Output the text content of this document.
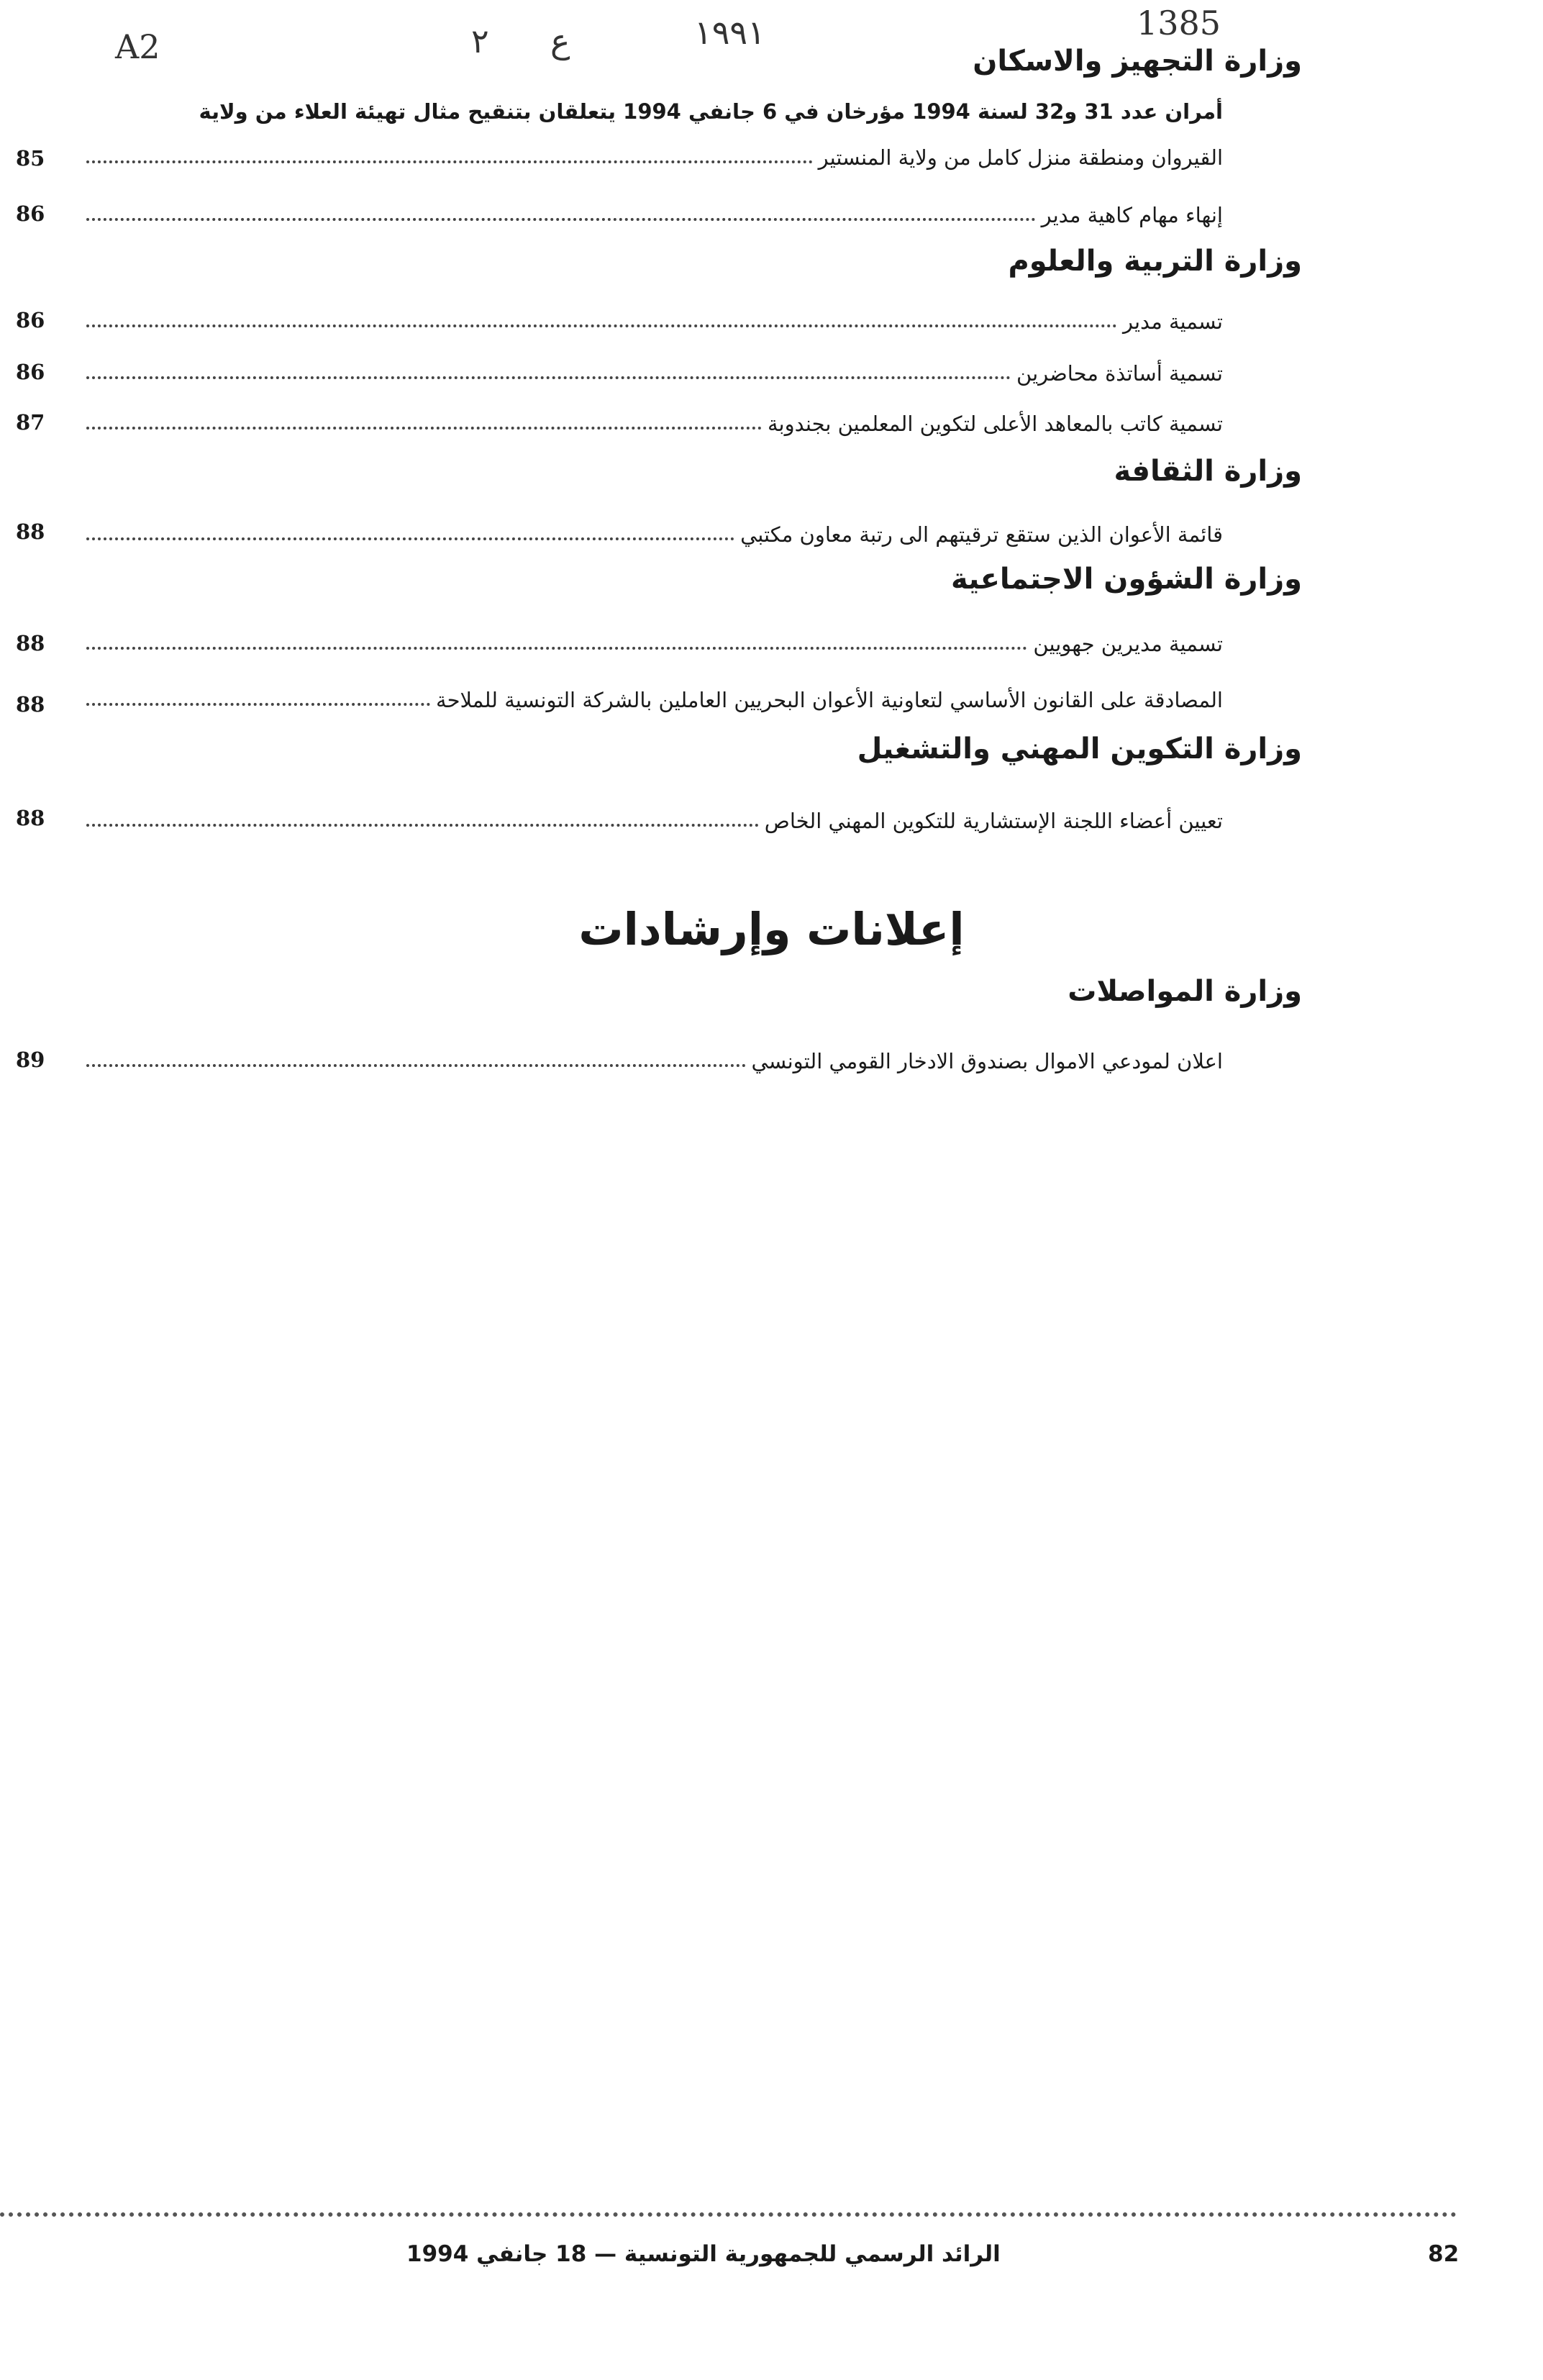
A2	٢ ع	١٩٩١	1385
وزارة التجهيز والاسكان
أمران عدد 31 و32 لسنة 1994 مؤرخان في 6 جانفي 1994 يتعلقان بتنقيح مثال تهيئة العلاء من ولاية
القيروان ومنطقة منزل كامل من ولاية المنستير
85
إنهاء مهام كاهية مدير
86
وزارة التربية والعلوم
تسمية مدير
86
تسمية أساتذة محاضرين
86
تسمية كاتب بالمعاهد الأعلى لتكوين المعلمين بجندوبة
87
وزارة الثقافة
قائمة الأعوان الذين ستقع ترقيتهم الى رتبة معاون مكتبي
88
وزارة الشؤون الاجتماعية
تسمية مديرين جهويين
88
المصادقة على القانون الأساسي لتعاونية الأعوان البحريين العاملين بالشركة التونسية للملاحة
88
وزارة التكوين المهني والتشغيل
تعيين أعضاء اللجنة الإستشارية للتكوين المهني الخاص
88
إعلانات وإرشادات
وزارة المواصلات
اعلان لمودعي الاموال بصندوق الادخار القومي التونسي
89
الرائد الرسمي للجمهورية التونسية — 18 جانفي 1994	82
